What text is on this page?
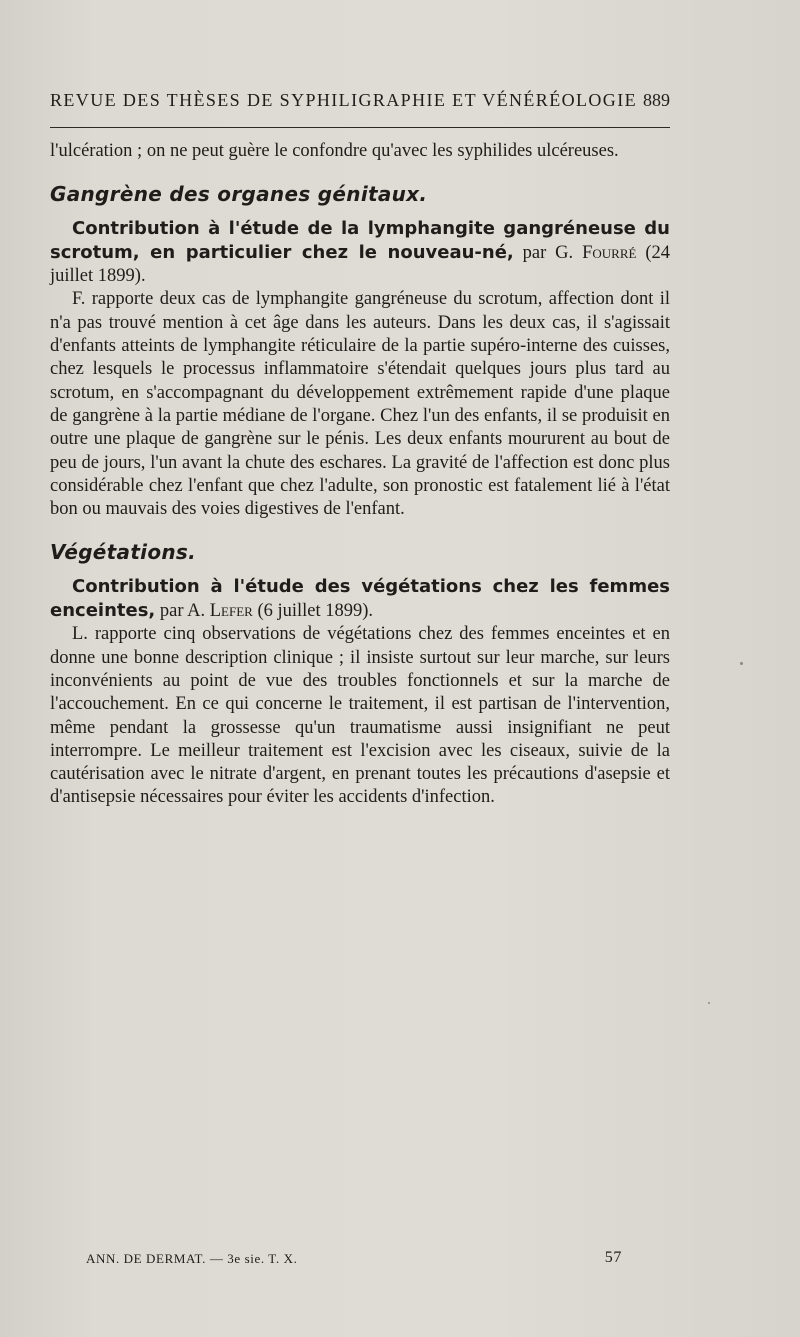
REVUE DES THÈSES DE SYPHILIGRAPHIE ET VÉNÉRÉOLOGIE 889

l'ulcération ; on ne peut guère le confondre qu'avec les syphilides ulcéreuses.

Gangrène des organes génitaux.

Contribution à l'étude de la lymphangite gangréneuse du scrotum, en particulier chez le nouveau-né, par G. Fourré (24 juillet 1899).

F. rapporte deux cas de lymphangite gangréneuse du scrotum, affection dont il n'a pas trouvé mention à cet âge dans les auteurs. Dans les deux cas, il s'agissait d'enfants atteints de lymphangite réticulaire de la partie supéro-interne des cuisses, chez lesquels le processus inflammatoire s'étendait quelques jours plus tard au scrotum, en s'accompagnant du développement extrêmement rapide d'une plaque de gangrène à la partie médiane de l'organe. Chez l'un des enfants, il se produisit en outre une plaque de gangrène sur le pénis. Les deux enfants moururent au bout de peu de jours, l'un avant la chute des eschares. La gravité de l'affection est donc plus considérable chez l'enfant que chez l'adulte, son pronostic est fatalement lié à l'état bon ou mauvais des voies digestives de l'enfant.

Végétations.

Contribution à l'étude des végétations chez les femmes enceintes, par A. Lefer (6 juillet 1899).

L. rapporte cinq observations de végétations chez des femmes enceintes et en donne une bonne description clinique ; il insiste surtout sur leur marche, sur leurs inconvénients au point de vue des troubles fonctionnels et sur la marche de l'accouchement. En ce qui concerne le traitement, il est partisan de l'intervention, même pendant la grossesse qu'un traumatisme aussi insignifiant ne peut interrompre. Le meilleur traitement est l'excision avec les ciseaux, suivie de la cautérisation avec le nitrate d'argent, en prenant toutes les précautions d'asepsie et d'antisepsie nécessaires pour éviter les accidents d'infection.

ANN. DE DERMAT. — 3e sie. T. X.	57
